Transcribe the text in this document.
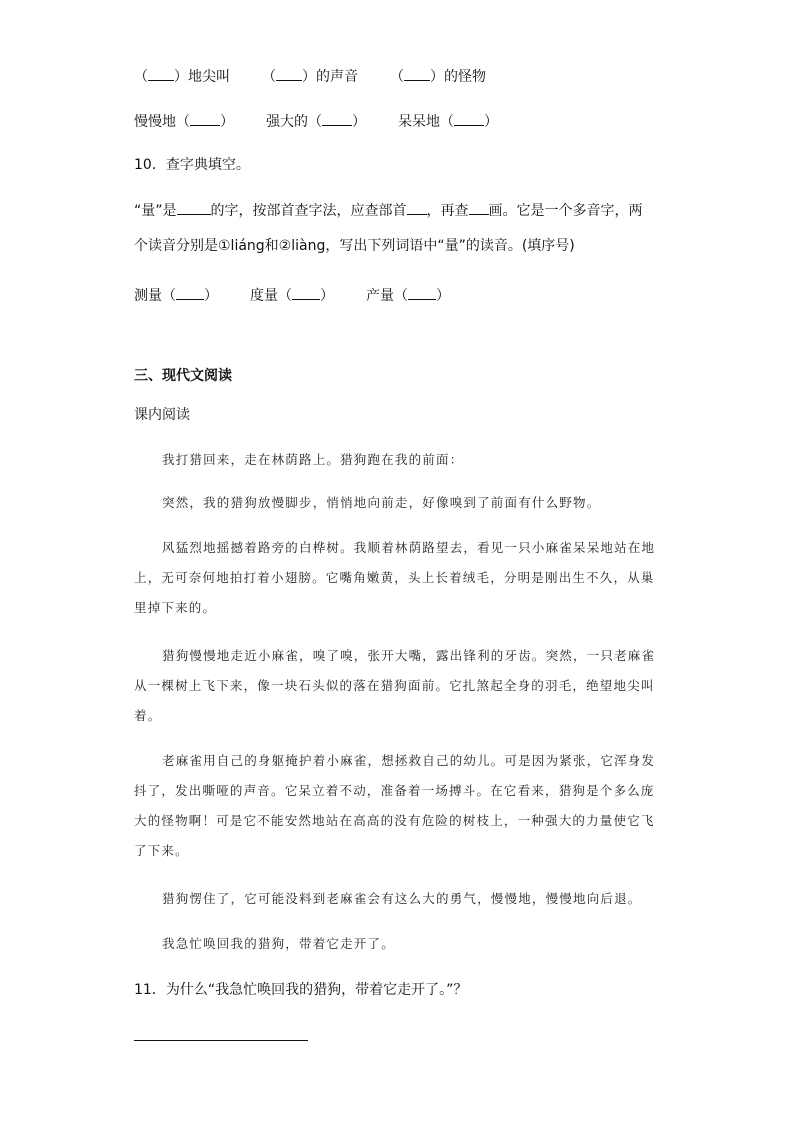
（ ）地尖叫 （ ）的声音 （ ）的怪物
慢慢地（ ） 强大的（ ） 呆呆地（ ）
10．查字典填空。
“量”是 的字，按部首查字法，应查部首 ，再查 画。它是一个多音字，两
个读音分别是①liáng和②liàng，写出下列词语中“量”的读音。(填序号)
测量（ ） 度量（ ） 产量（ ）
三、现代文阅读
课内阅读
我打猎回来，走在林荫路上。猎狗跑在我的前面：
突然，我的猎狗放慢脚步，悄悄地向前走，好像嗅到了前面有什么野物。
风猛烈地摇撼着路旁的白桦树。我顺着林荫路望去，看见一只小麻雀呆呆地站在地上，无可奈何地拍打着小翅膀。它嘴角嫩黄，头上长着绒毛，分明是刚出生不久，从巢里掉下来的。
猎狗慢慢地走近小麻雀，嗅了嗅，张开大嘴，露出锋利的牙齿。突然，一只老麻雀从一棵树上飞下来，像一块石头似的落在猎狗面前。它扎煞起全身的羽毛，绝望地尖叫着。
老麻雀用自己的身躯掩护着小麻雀，想拯救自己的幼儿。可是因为紧张，它浑身发抖了，发出嘶哑的声音。它呆立着不动，准备着一场搏斗。在它看来，猎狗是个多么庞大的怪物啊！可是它不能安然地站在高高的没有危险的树枝上，一种强大的力量使它飞了下来。
猎狗愣住了，它可能没料到老麻雀会有这么大的勇气，慢慢地，慢慢地向后退。
我急忙唤回我的猎狗，带着它走开了。
11．为什么“我急忙唤回我的猎狗，带着它走开了。”？
